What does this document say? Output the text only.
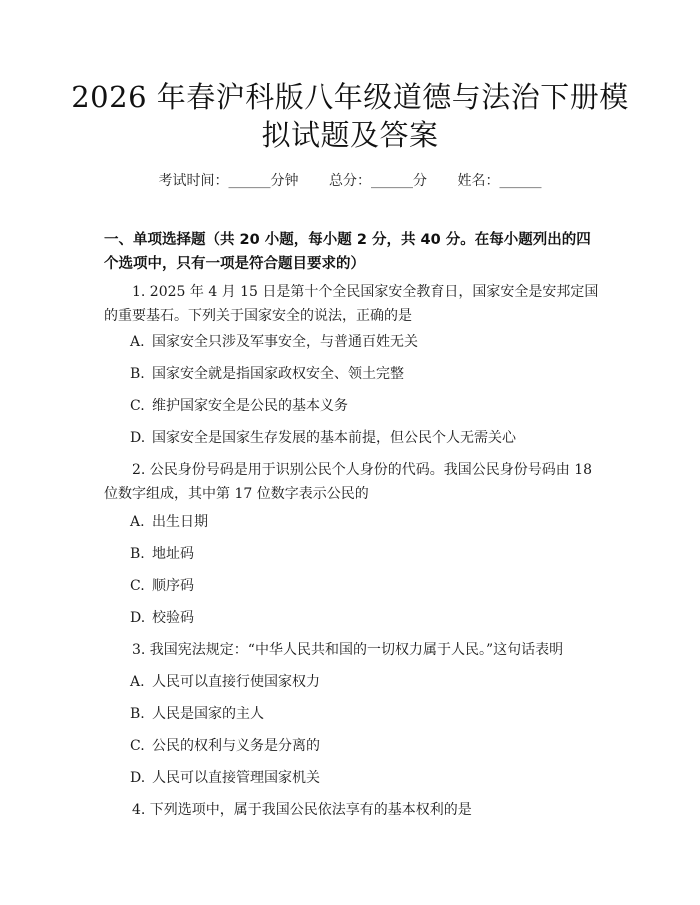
2026 年春沪科版八年级道德与法治下册模拟试题及答案
考试时间：______分钟 总分：______分 姓名：______
一、单项选择题（共 20 小题，每小题 2 分，共 40 分。在每小题列出的四个选项中，只有一项是符合题目要求的）
1. 2025 年 4 月 15 日是第十个全民国家安全教育日，国家安全是安邦定国的重要基石。下列关于国家安全的说法，正确的是
A. 国家安全只涉及军事安全，与普通百姓无关
B. 国家安全就是指国家政权安全、领土完整
C. 维护国家安全是公民的基本义务
D. 国家安全是国家生存发展的基本前提，但公民个人无需关心
2. 公民身份号码是用于识别公民个人身份的代码。我国公民身份号码由 18 位数字组成，其中第 17 位数字表示公民的
A. 出生日期
B. 地址码
C. 顺序码
D. 校验码
3. 我国宪法规定：“中华人民共和国的一切权力属于人民。”这句话表明
A. 人民可以直接行使国家权力
B. 人民是国家的主人
C. 公民的权利与义务是分离的
D. 人民可以直接管理国家机关
4. 下列选项中，属于我国公民依法享有的基本权利的是
